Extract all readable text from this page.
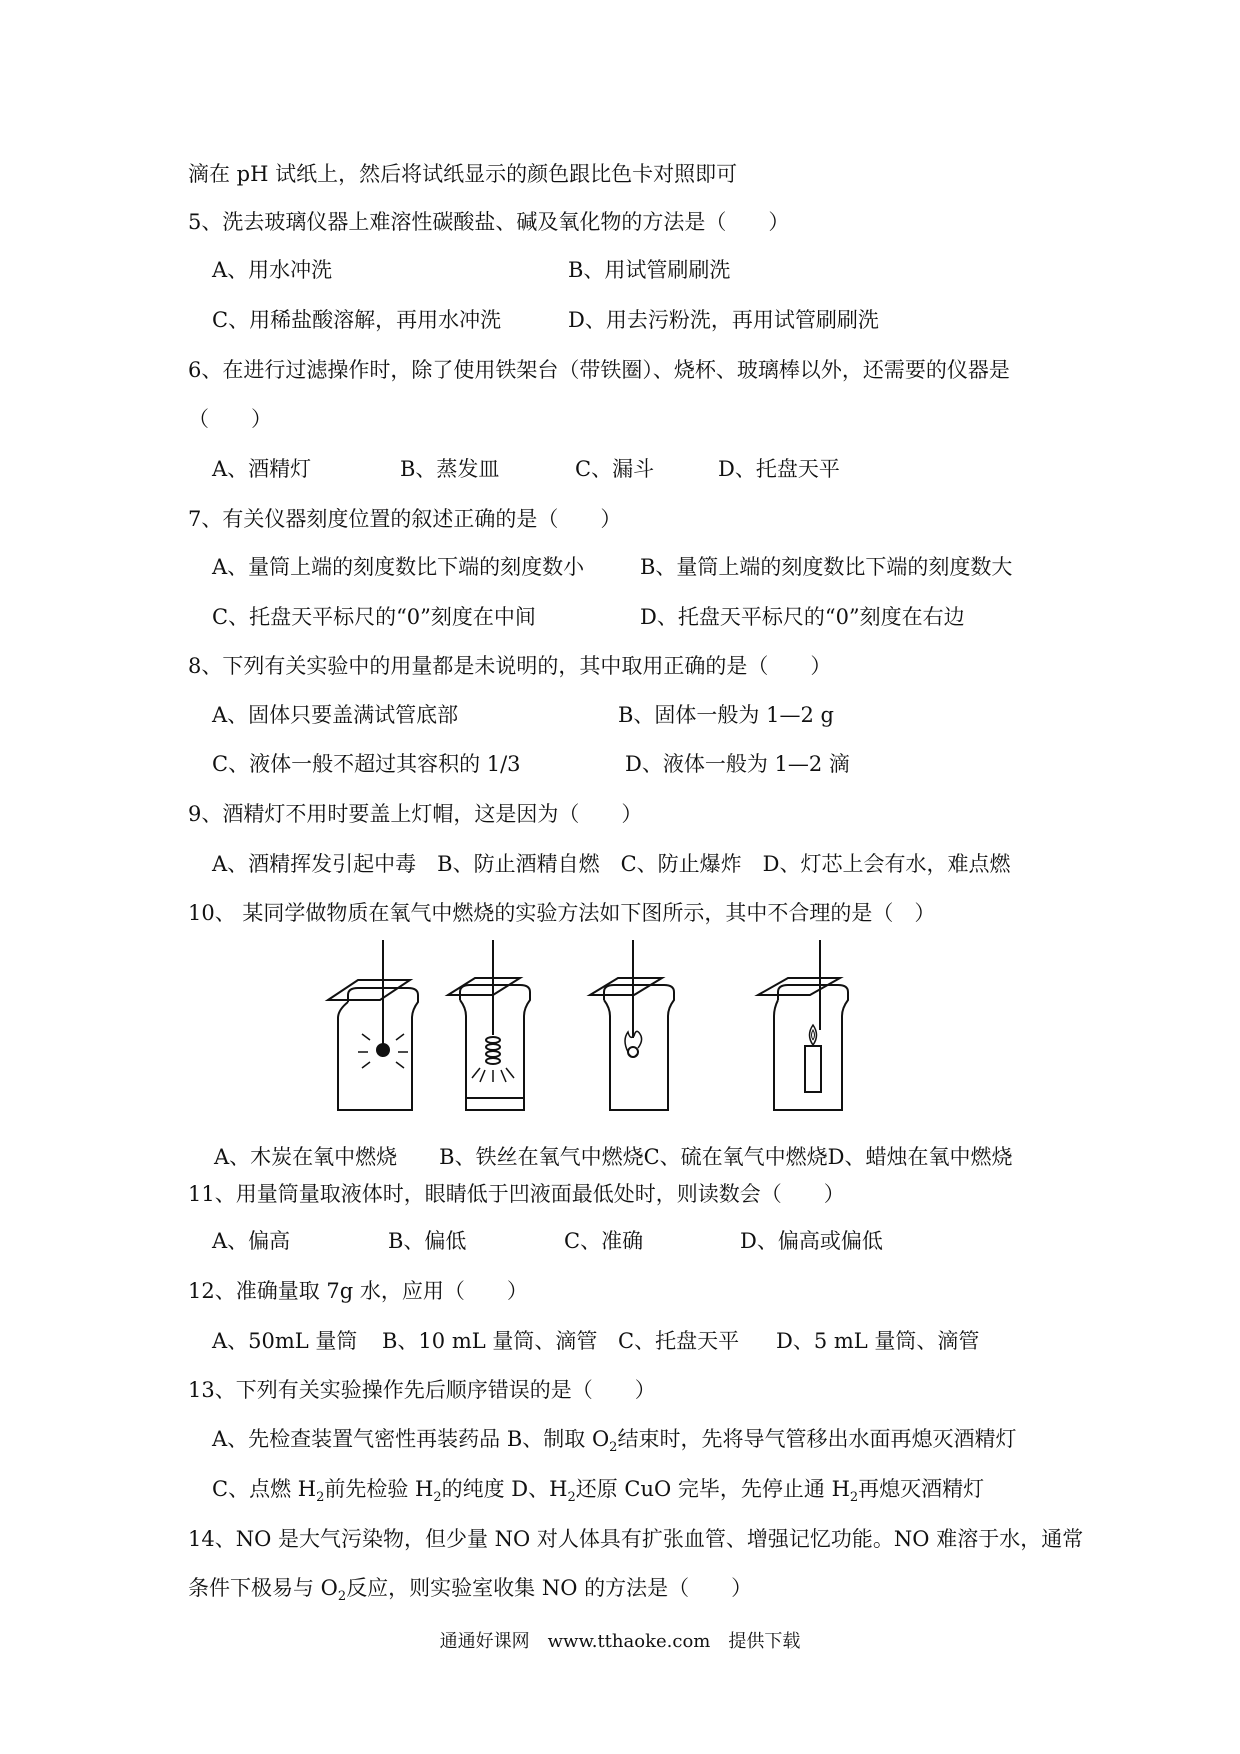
滴在 pH 试纸上，然后将试纸显示的颜色跟比色卡对照即可
5、洗去玻璃仪器上难溶性碳酸盐、碱及氧化物的方法是（　　）
A、用水冲洗	B、用试管刷刷洗
C、用稀盐酸溶解，再用水冲洗	D、用去污粉洗，再用试管刷刷洗
6、在进行过滤操作时，除了使用铁架台（带铁圈）、烧杯、玻璃棒以外，还需要的仪器是
（　　）
A、酒精灯	B、蒸发皿	C、漏斗	D、托盘天平
7、有关仪器刻度位置的叙述正确的是（　　）
A、量筒上端的刻度数比下端的刻度数小	B、量筒上端的刻度数比下端的刻度数大
C、托盘天平标尺的“0”刻度在中间	D、托盘天平标尺的“0”刻度在右边
8、下列有关实验中的用量都是未说明的，其中取用正确的是（　　）
A、固体只要盖满试管底部	B、固体一般为 1—2 g
C、液体一般不超过其容积的 1/3	D、液体一般为 1—2 滴
9、酒精灯不用时要盖上灯帽，这是因为（　　）
A、酒精挥发引起中毒　B、防止酒精自燃　C、防止爆炸　D、灯芯上会有水，难点燃
10、 某同学做物质在氧气中燃烧的实验方法如下图所示，其中不合理的是（　）
A、木炭在氧中燃烧　　B、铁丝在氧气中燃烧C、硫在氧气中燃烧D、蜡烛在氧中燃烧
11、用量筒量取液体时，眼睛低于凹液面最低处时，则读数会（　　）
A、偏高	B、偏低	C、准确	D、偏高或偏低
12、准确量取 7g 水，应用（　　）
A、50mL 量筒 B、10 mL 量筒、滴管 C、托盘天平 D、5 mL 量筒、滴管
13、下列有关实验操作先后顺序错误的是（　　）
A、先检查装置气密性再装药品 B、制取 $O_2$结束时，先将导气管移出水面再熄灭酒精灯
C、点燃 $H_2$前先检验 $H_2$的纯度 D、$H_2$还原 CuO 完毕，先停止通 $H_2$再熄灭酒精灯
14、NO 是大气污染物，但少量 NO 对人体具有扩张血管、增强记忆功能。NO 难溶于水，通常
条件下极易与 $O_2$反应，则实验室收集 NO 的方法是（　　）
通通好课网　www.tthaoke.com　提供下载
